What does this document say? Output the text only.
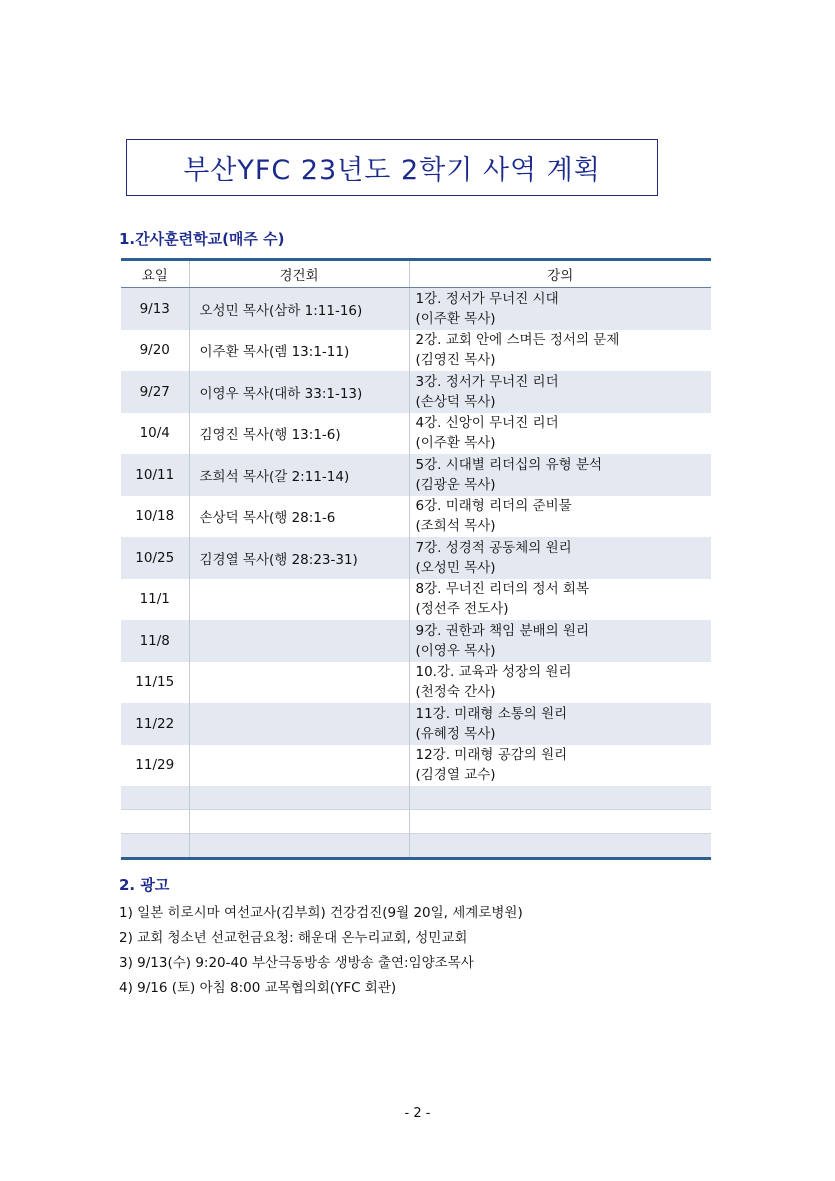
부산YFC 23년도 2학기 사역 계획
1.간사훈련학교(매주 수)
요일	경건회	강의
9/13	오성민 목사(삼하 1:11-16)	1강. 정서가 무너진 시대
(이주환 목사)

9/20	이주환 목사(렘 13:1-11)	2강. 교회 안에 스며든 정서의 문제
(김영진 목사)

9/27	이영우 목사(대하 33:1-13)	3강. 정서가 무너진 리더
(손상덕 목사)

10/4	김영진 목사(행 13:1-6)	4강. 신앙이 무너진 리더
(이주환 목사)

10/11	조희석 목사(갈 2:11-14)	5강. 시대별 리더십의 유형 분석
(김광운 목사)

10/18	손상덕 목사(행 28:1-6	6강. 미래형 리더의 준비물
(조희석 목사)

10/25	김경열 목사(행 28:23-31)	7강. 성경적 공동체의 원리
(오성민 목사)

11/1		8강. 무너진 리더의 정서 회복
(정선주 전도사)

11/8		9강. 권한과 책임 분배의 원리
(이영우 목사)

11/15		10.강. 교육과 성장의 원리
(천정숙 간사)

11/22		11강. 미래형 소통의 원리
(유혜정 목사)

11/29		12강. 미래형 공감의 원리
(김경열 교수)

2. 광고
1) 일본 히로시마 여선교사(김부희) 건강검진(9월 20일, 세계로병원)
2) 교회 청소년 선교헌금요청: 해운대 온누리교회, 성민교회
3) 9/13(수) 9:20-40 부산극동방송 생방송 출연:임양조목사
4) 9/16 (토) 아침 8:00 교목협의회(YFC 회관)
- 2 -
